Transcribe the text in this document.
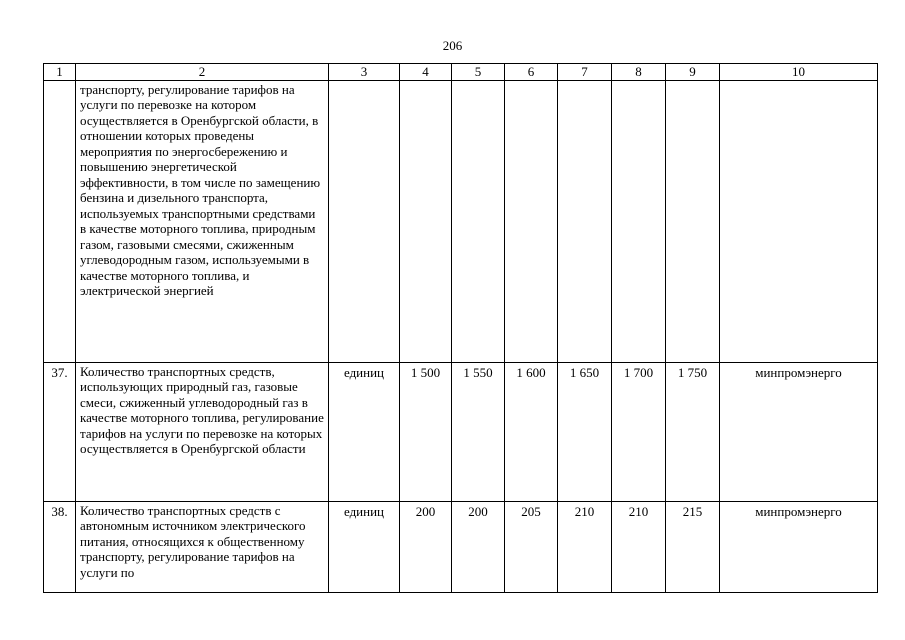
206
1	2	3	4	5	6	7	8	9	10

	транспорту, регулирование тарифов на услуги по перевозке на котором осуществляется в Оренбургской области, в отношении которых проведены мероприятия по энергосбережению и повышению энергетической эффективности, в том числе по замещению бензина и дизельного транспорта, используемых транспортными средствами в качестве моторного топлива, природным газом, газовыми смесями, сжиженным углеводородным газом, используемыми в качестве моторного топлива, и электрической энергией								

37.	Количество транспортных средств, использующих природный газ, газовые смеси, сжиженный углеводородный газ в качестве моторного топлива, регулирование тарифов на услуги по перевозке на которых осуществляется в Оренбургской области	единиц	1 500	1 550	1 600	1 650	1 700	1 750	минпромэнерго
38.	Количество транспортных средств с автономным источником электрического питания, относящихся к общественному транспорту, регулирование тарифов на услуги по	единиц	200	200	205	210	210	215	минпромэнерго
